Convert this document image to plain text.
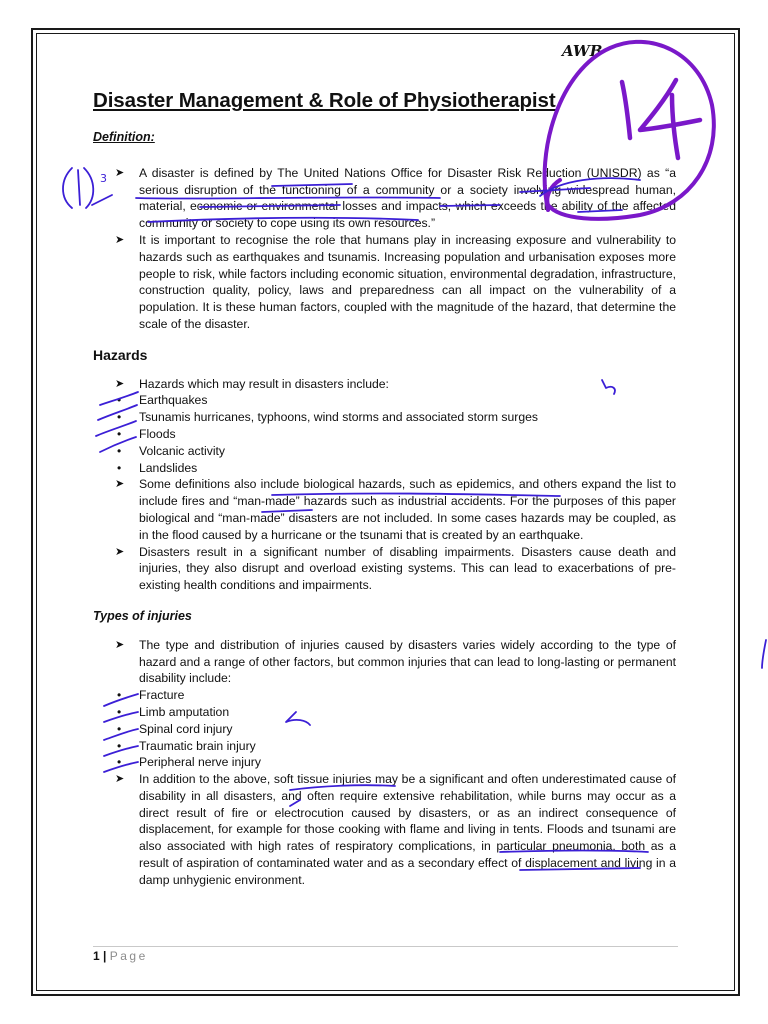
AWB
Disaster Management & Role of Physiotherapist
Definition:
➤ A disaster is defined by The United Nations Office for Disaster Risk Reduction (UNISDR) as “a serious disruption of the functioning of a community or a society involving widespread human, material, economic or environmental losses and impacts, which exceeds the ability of the affected community or society to cope using its own resources.”
➤ It is important to recognise the role that humans play in increasing exposure and vulnerability to hazards such as earthquakes and tsunamis. Increasing population and urbanisation exposes more people to risk, while factors including economic situation, environmental degradation, infrastructure, construction quality, policy, laws and preparedness can all impact on the vulnerability of a population. It is these human factors, coupled with the magnitude of the hazard, that determine the scale of the disaster.
Hazards
➤ Hazards which may result in disasters include:
• Earthquakes
• Tsunamis hurricanes, typhoons, wind storms and associated storm surges
• Floods
• Volcanic activity
• Landslides
➤ Some definitions also include biological hazards, such as epidemics, and others expand the list to include fires and “man-made” hazards such as industrial accidents. For the purposes of this paper biological and “man-made” disasters are not included. In some cases hazards may be coupled, as in the flood caused by a hurricane or the tsunami that is created by an earthquake.
➤ Disasters result in a significant number of disabling impairments. Disasters cause death and injuries, they also disrupt and overload existing systems. This can lead to exacerbations of pre-existing health conditions and impairments.
Types of injuries
➤ The type and distribution of injuries caused by disasters varies widely according to the type of hazard and a range of other factors, but common injuries that can lead to long-lasting or permanent disability include:
• Fracture
• Limb amputation
• Spinal cord injury
• Traumatic brain injury
• Peripheral nerve injury
➤ In addition to the above, soft tissue injuries may be a significant and often underestimated cause of disability in all disasters, and often require extensive rehabilitation, while burns may occur as a direct result of fire or electrocution caused by disasters, or as an indirect consequence of displacement, for example for those cooking with flame and living in tents. Floods and tsunami are also associated with high rates of respiratory complications, in particular pneumonia, both as a result of aspiration of contaminated water and as a secondary effect of displacement and living in a damp unhygienic environment.
1 | Page
3
